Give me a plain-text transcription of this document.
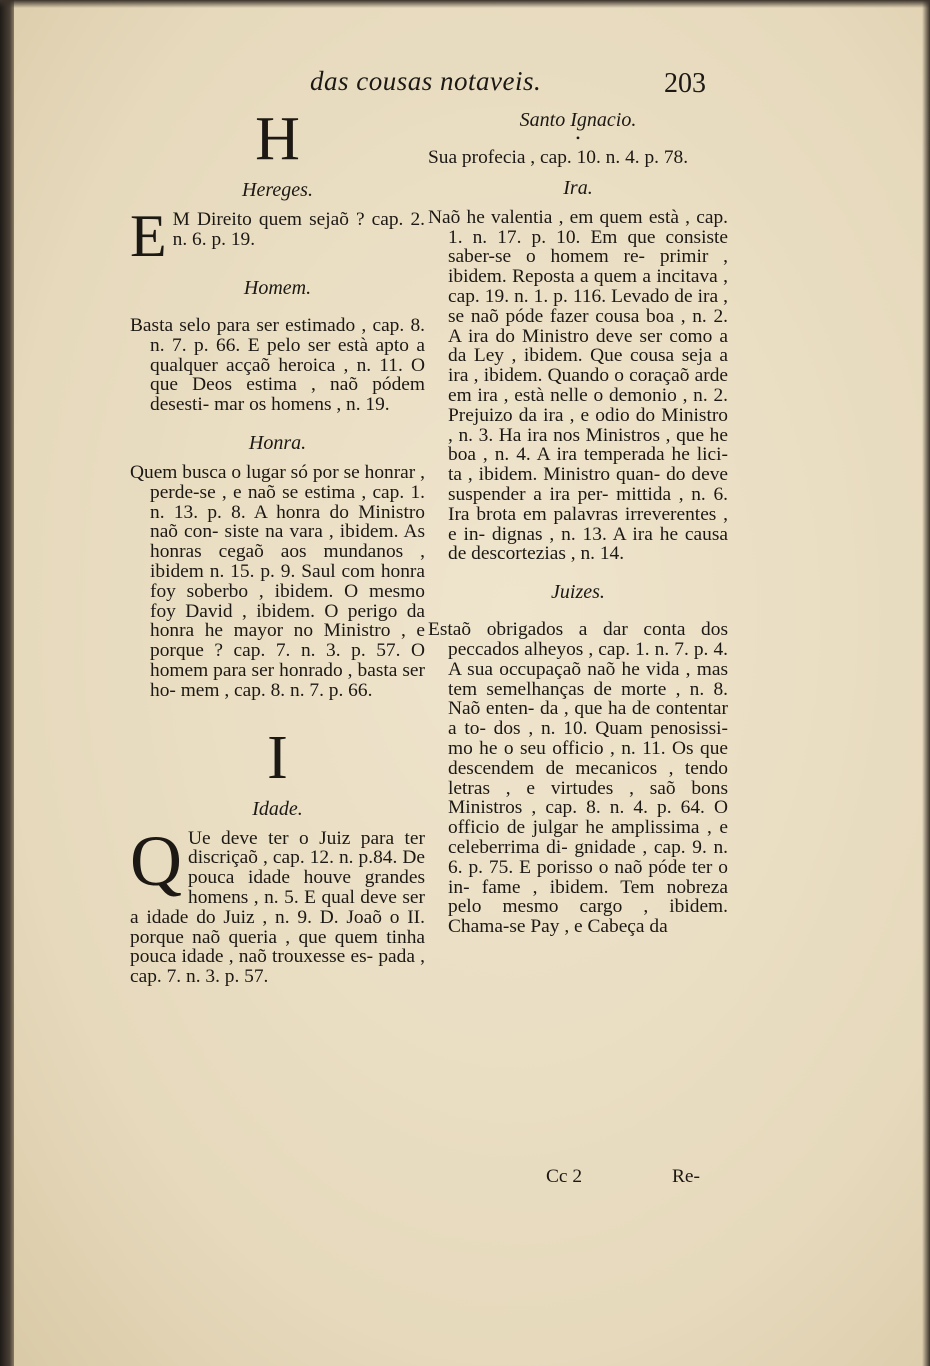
das cousas notaveis.	203
H
Hereges.

E M Direito quem sejaõ ? cap. 2. n. 6. p. 19.

Homem.

Basta selo para ser estimado , cap. 8. n. 7. p. 66. E pelo ser està apto a qualquer acçaõ heroica , n. 11. O que Deos estima , naõ pódem desesti- mar os homens , n. 19.

Honra.

Quem busca o lugar só por se honrar , perde-se , e naõ se estima , cap. 1. n. 13. p. 8. A honra do Ministro naõ con- siste na vara , ibidem. As honras cegaõ aos mundanos , ibidem n. 15. p. 9. Saul com honra foy soberbo , ibidem. O mesmo foy David , ibidem. O perigo da honra he mayor no Ministro , e porque ? cap. 7. n. 3. p. 57. O homem para ser honrado , basta ser ho- mem , cap. 8. n. 7. p. 66.

I
Idade.

Q Ue deve ter o Juiz para ter discriçaõ , cap. 12. n. p.84. De pouca idade houve grandes homens , n. 5. E qual deve ser a idade do Juiz , n. 9. D. Joaõ o II. porque naõ queria , que quem tinha pouca idade , naõ trouxesse es- pada , cap. 7. n. 3. p. 57.

Santo Ignacio.
•

Sua profecia , cap. 10. n. 4. p. 78.

Ira.

Naõ he valentia , em quem està , cap. 1. n. 17. p. 10. Em que consiste saber-se o homem re- primir , ibidem. Reposta a quem a incitava , cap. 19. n. 1. p. 116. Levado de ira , se naõ póde fazer cousa boa , n. 2. A ira do Ministro deve ser como a da Ley , ibidem. Que cousa seja a ira , ibidem. Quando o coraçaõ arde em ira , està nelle o demonio , n. 2. Prejuizo da ira , e odio do Ministro , n. 3. Ha ira nos Ministros , que he boa , n. 4. A ira temperada he lici- ta , ibidem. Ministro quan- do deve suspender a ira per- mittida , n. 6. Ira brota em palavras irreverentes , e in- dignas , n. 13. A ira he causa de descortezias , n. 14.

Juizes.

Estaõ obrigados a dar conta dos peccados alheyos , cap. 1. n. 7. p. 4. A sua occupaçaõ naõ he vida , mas tem semelhanças de morte , n. 8. Naõ enten- da , que ha de contentar a to- dos , n. 10. Quam penosissi- mo he o seu officio , n. 11. Os que descendem de mecanicos , tendo letras , e virtudes , saõ bons Ministros , cap. 8. n. 4. p. 64. O officio de julgar he amplissima , e celeberrima di- gnidade , cap. 9. n. 6. p. 75. E porisso o naõ póde ter o in- fame , ibidem. Tem nobreza pelo mesmo cargo , ibidem. Chama-se Pay , e Cabeça da

Cc 2	Re-
